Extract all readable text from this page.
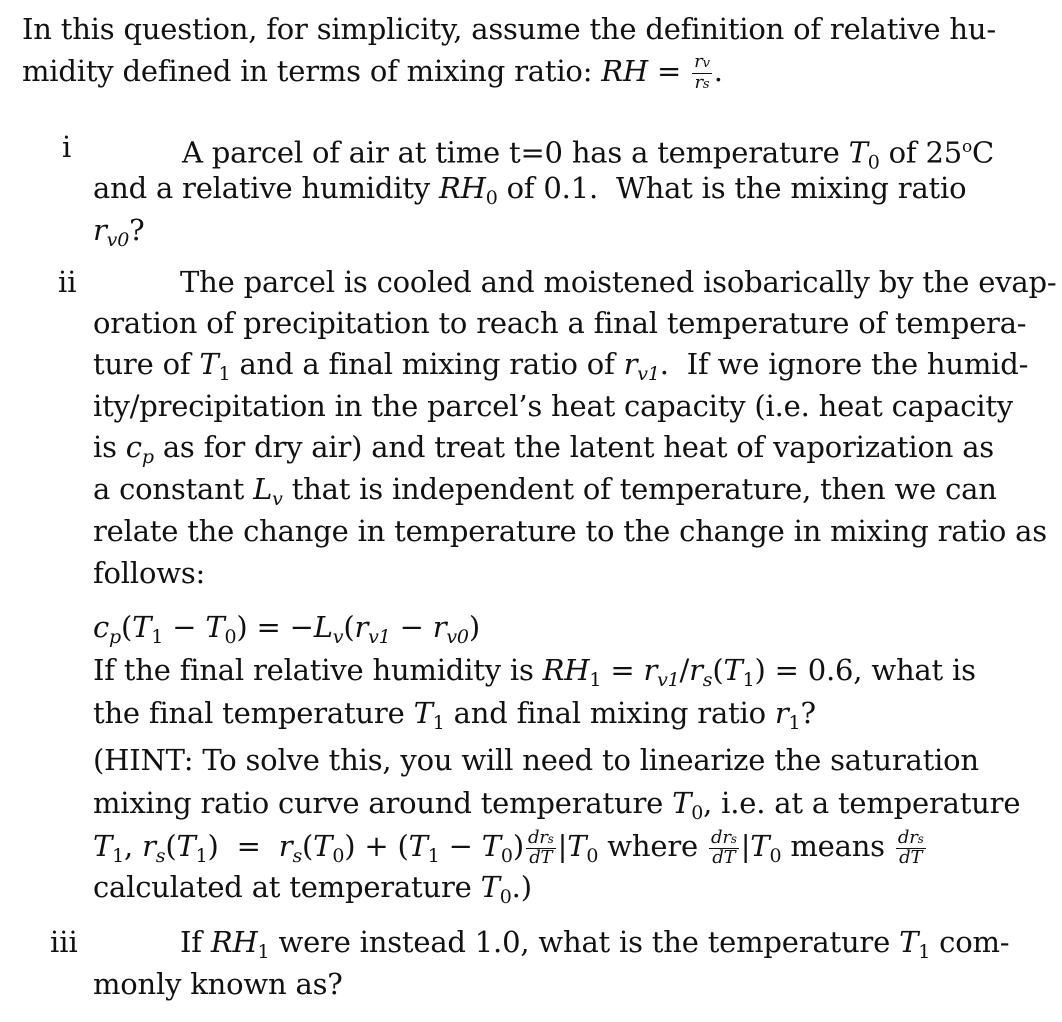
In this question, for simplicity, assume the definition of relative hu-
midity defined in terms of mixing ratio: RH = $\frac{rv}{rs}$ .
i	A parcel of air at time t=0 has a temperature $T_0$ of 25$^o$C
and a relative humidity $RH_0$ of 0.1.  What is the mixing ratio
$r_{v0}$?
ii	The parcel is cooled and moistened isobarically by the evap-
oration of precipitation to reach a final temperature of tempera-
ture of $T_1$ and a final mixing ratio of $r_{v1}$.  If we ignore the humid-
ity/precipitation in the parcel’s heat capacity (i.e. heat capacity
is $c_p$ as for dry air) and treat the latent heat of vaporization as
a constant $L_v$ that is independent of temperature, then we can
relate the change in temperature to the change in mixing ratio as
follows:
$c_p(T_1 - T_0) = -L_v(r_{v1} - r_{v0})$
If the final relative humidity is $RH_1 = r_{v1}/r_s(T_1) = 0.6$, what is
the final temperature $T_1$ and final mixing ratio $r_1$?
(HINT: To solve this, you will need to linearize the saturation
mixing ratio curve around temperature $T_0$, i.e. at a temperature
$T_1$, $r_s(T_1) = r_s(T_0) + (T_1 - T_0) \frac{\text{drs}}{dT} |T_0$ where $\frac{\text{drs}}{dT} |T_0$ means $\frac{\text{drs}}{dT}$
calculated at temperature $T_0$.)
iii	If $RH_1$ were instead 1.0, what is the temperature $T_1$ com-
monly known as?
